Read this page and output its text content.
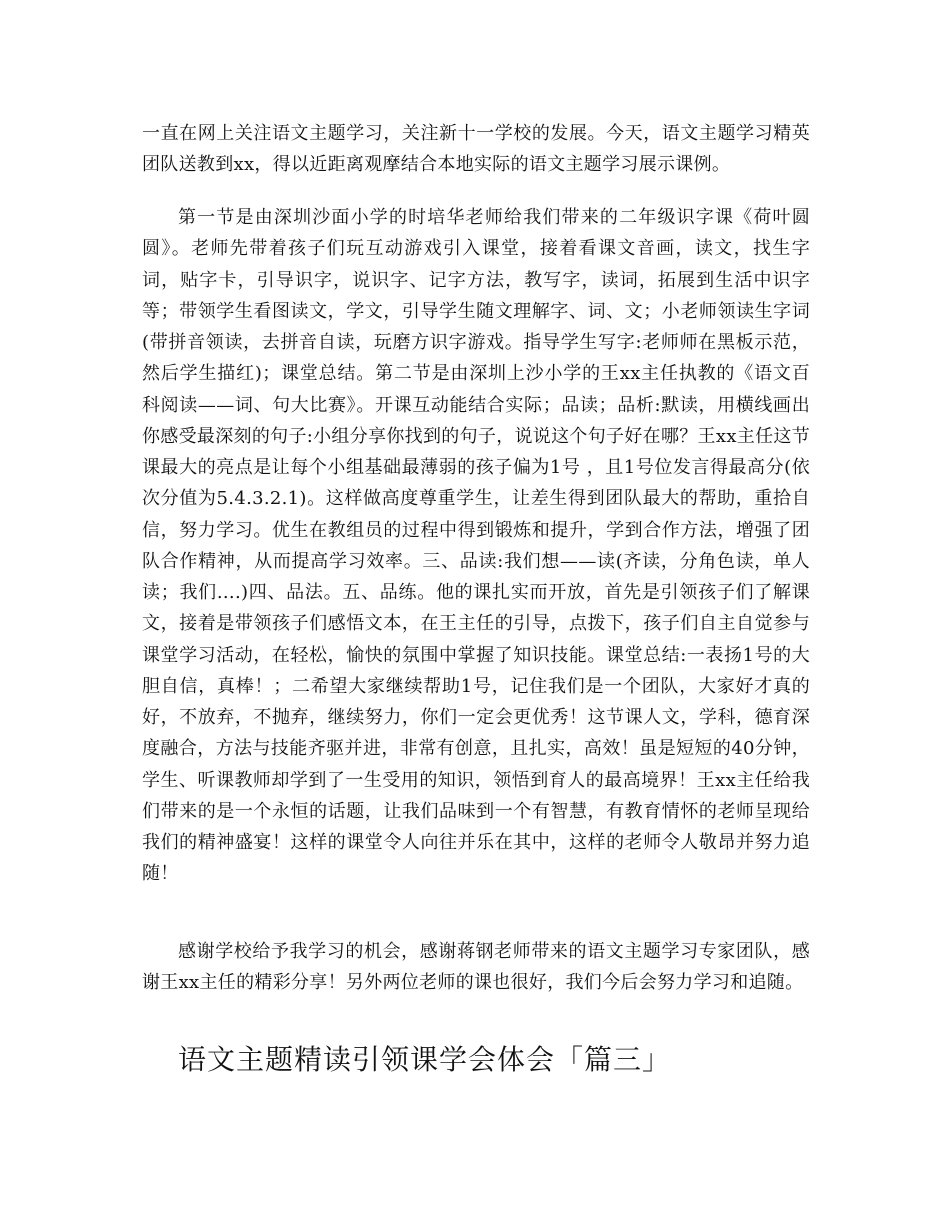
一直在网上关注语文主题学习，关注新十一学校的发展。今天，语文主题学习精英团队送教到xx，得以近距离观摩结合本地实际的语文主题学习展示课例。

第一节是由深圳沙面小学的时培华老师给我们带来的二年级识字课《荷叶圆圆》。老师先带着孩子们玩互动游戏引入课堂，接着看课文音画，读文，找生字词，贴字卡，引导识字，说识字、记字方法，教写字，读词，拓展到生活中识字等；带领学生看图读文，学文，引导学生随文理解字、词、文；小老师领读生字词(带拼音领读，去拼音自读，玩磨方识字游戏。指导学生写字:老师师在黑板示范，然后学生描红)；课堂总结。第二节是由深圳上沙小学的王xx主任执教的《语文百科阅读——词、句大比赛》。开课互动能结合实际；品读；品析:默读，用横线画出你感受最深刻的句子:小组分享你找到的句子，说说这个句子好在哪？王xx主任这节课最大的亮点是让每个小组基础最薄弱的孩子偏为1号 ，且1号位发言得最高分(依次分值为5.4.3.2.1)。这样做高度尊重学生，让差生得到团队最大的帮助，重拾自信，努力学习。优生在教组员的过程中得到锻炼和提升，学到合作方法，增强了团队合作精神，从而提高学习效率。三、品读:我们想——读(齐读，分角色读，单人读；我们....)四、品法。五、品练。他的课扎实而开放，首先是引领孩子们了解课文，接着是带领孩子们感悟文本，在王主任的引导，点拨下，孩子们自主自觉参与课堂学习活动，在轻松，愉快的氛围中掌握了知识技能。课堂总结:一表扬1号的大胆自信，真棒！；二希望大家继续帮助1号，记住我们是一个团队，大家好才真的好，不放弃，不抛弃，继续努力，你们一定会更优秀！这节课人文，学科，德育深度融合，方法与技能齐驱并进，非常有创意，且扎实，高效！虽是短短的40分钟，学生、听课教师却学到了一生受用的知识，领悟到育人的最高境界！王xx主任给我们带来的是一个永恒的话题，让我们品味到一个有智慧，有教育情怀的老师呈现给我们的精神盛宴！这样的课堂令人向往并乐在其中，这样的老师令人敬昂并努力追随！

感谢学校给予我学习的机会，感谢蒋钢老师带来的语文主题学习专家团队，感谢王xx主任的精彩分享！另外两位老师的课也很好，我们今后会努力学习和追随。

语文主题精读引领课学会体会「篇三」
